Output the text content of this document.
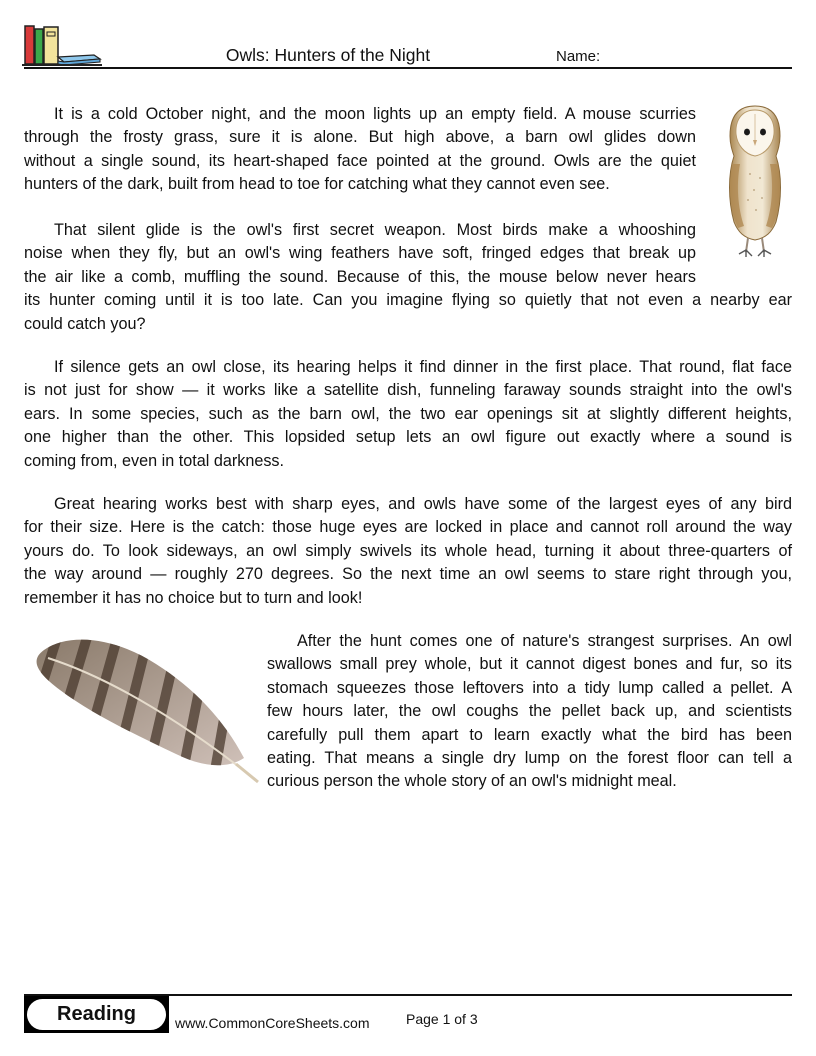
Owls: Hunters of the Night	Name:
It is a cold October night, and the moon lights up an empty field. A mouse scurries
through the frosty grass, sure it is alone. But high above, a barn owl glides down
without a single sound, its heart-shaped face pointed at the ground. Owls are the quiet
hunters of the dark, built from head to toe for catching what they cannot even see.
That silent glide is the owl's first secret weapon. Most birds make a whooshing
noise when they fly, but an owl's wing feathers have soft, fringed edges that break up
the air like a comb, muffling the sound. Because of this, the mouse below never hears
its hunter coming until it is too late. Can you imagine flying so quietly that not even a nearby ear
could catch you?
If silence gets an owl close, its hearing helps it find dinner in the first place. That round, flat face
is not just for show — it works like a satellite dish, funneling faraway sounds straight into the owl's
ears. In some species, such as the barn owl, the two ear openings sit at slightly different heights,
one higher than the other. This lopsided setup lets an owl figure out exactly where a sound is
coming from, even in total darkness.
Great hearing works best with sharp eyes, and owls have some of the largest eyes of any bird
for their size. Here is the catch: those huge eyes are locked in place and cannot roll around the way
yours do. To look sideways, an owl simply swivels its whole head, turning it about three-quarters of
the way around — roughly 270 degrees. So the next time an owl seems to stare right through you,
remember it has no choice but to turn and look!
After the hunt comes one of nature's strangest surprises. An owl
swallows small prey whole, but it cannot digest bones and fur, so its
stomach squeezes those leftovers into a tidy lump called a pellet. A
few hours later, the owl coughs the pellet back up, and scientists
carefully pull them apart to learn exactly what the bird has been
eating. That means a single dry lump on the forest floor can tell a
curious person the whole story of an owl's midnight meal.
Reading	www.CommonCoreSheets.com	Page 1 of 3
